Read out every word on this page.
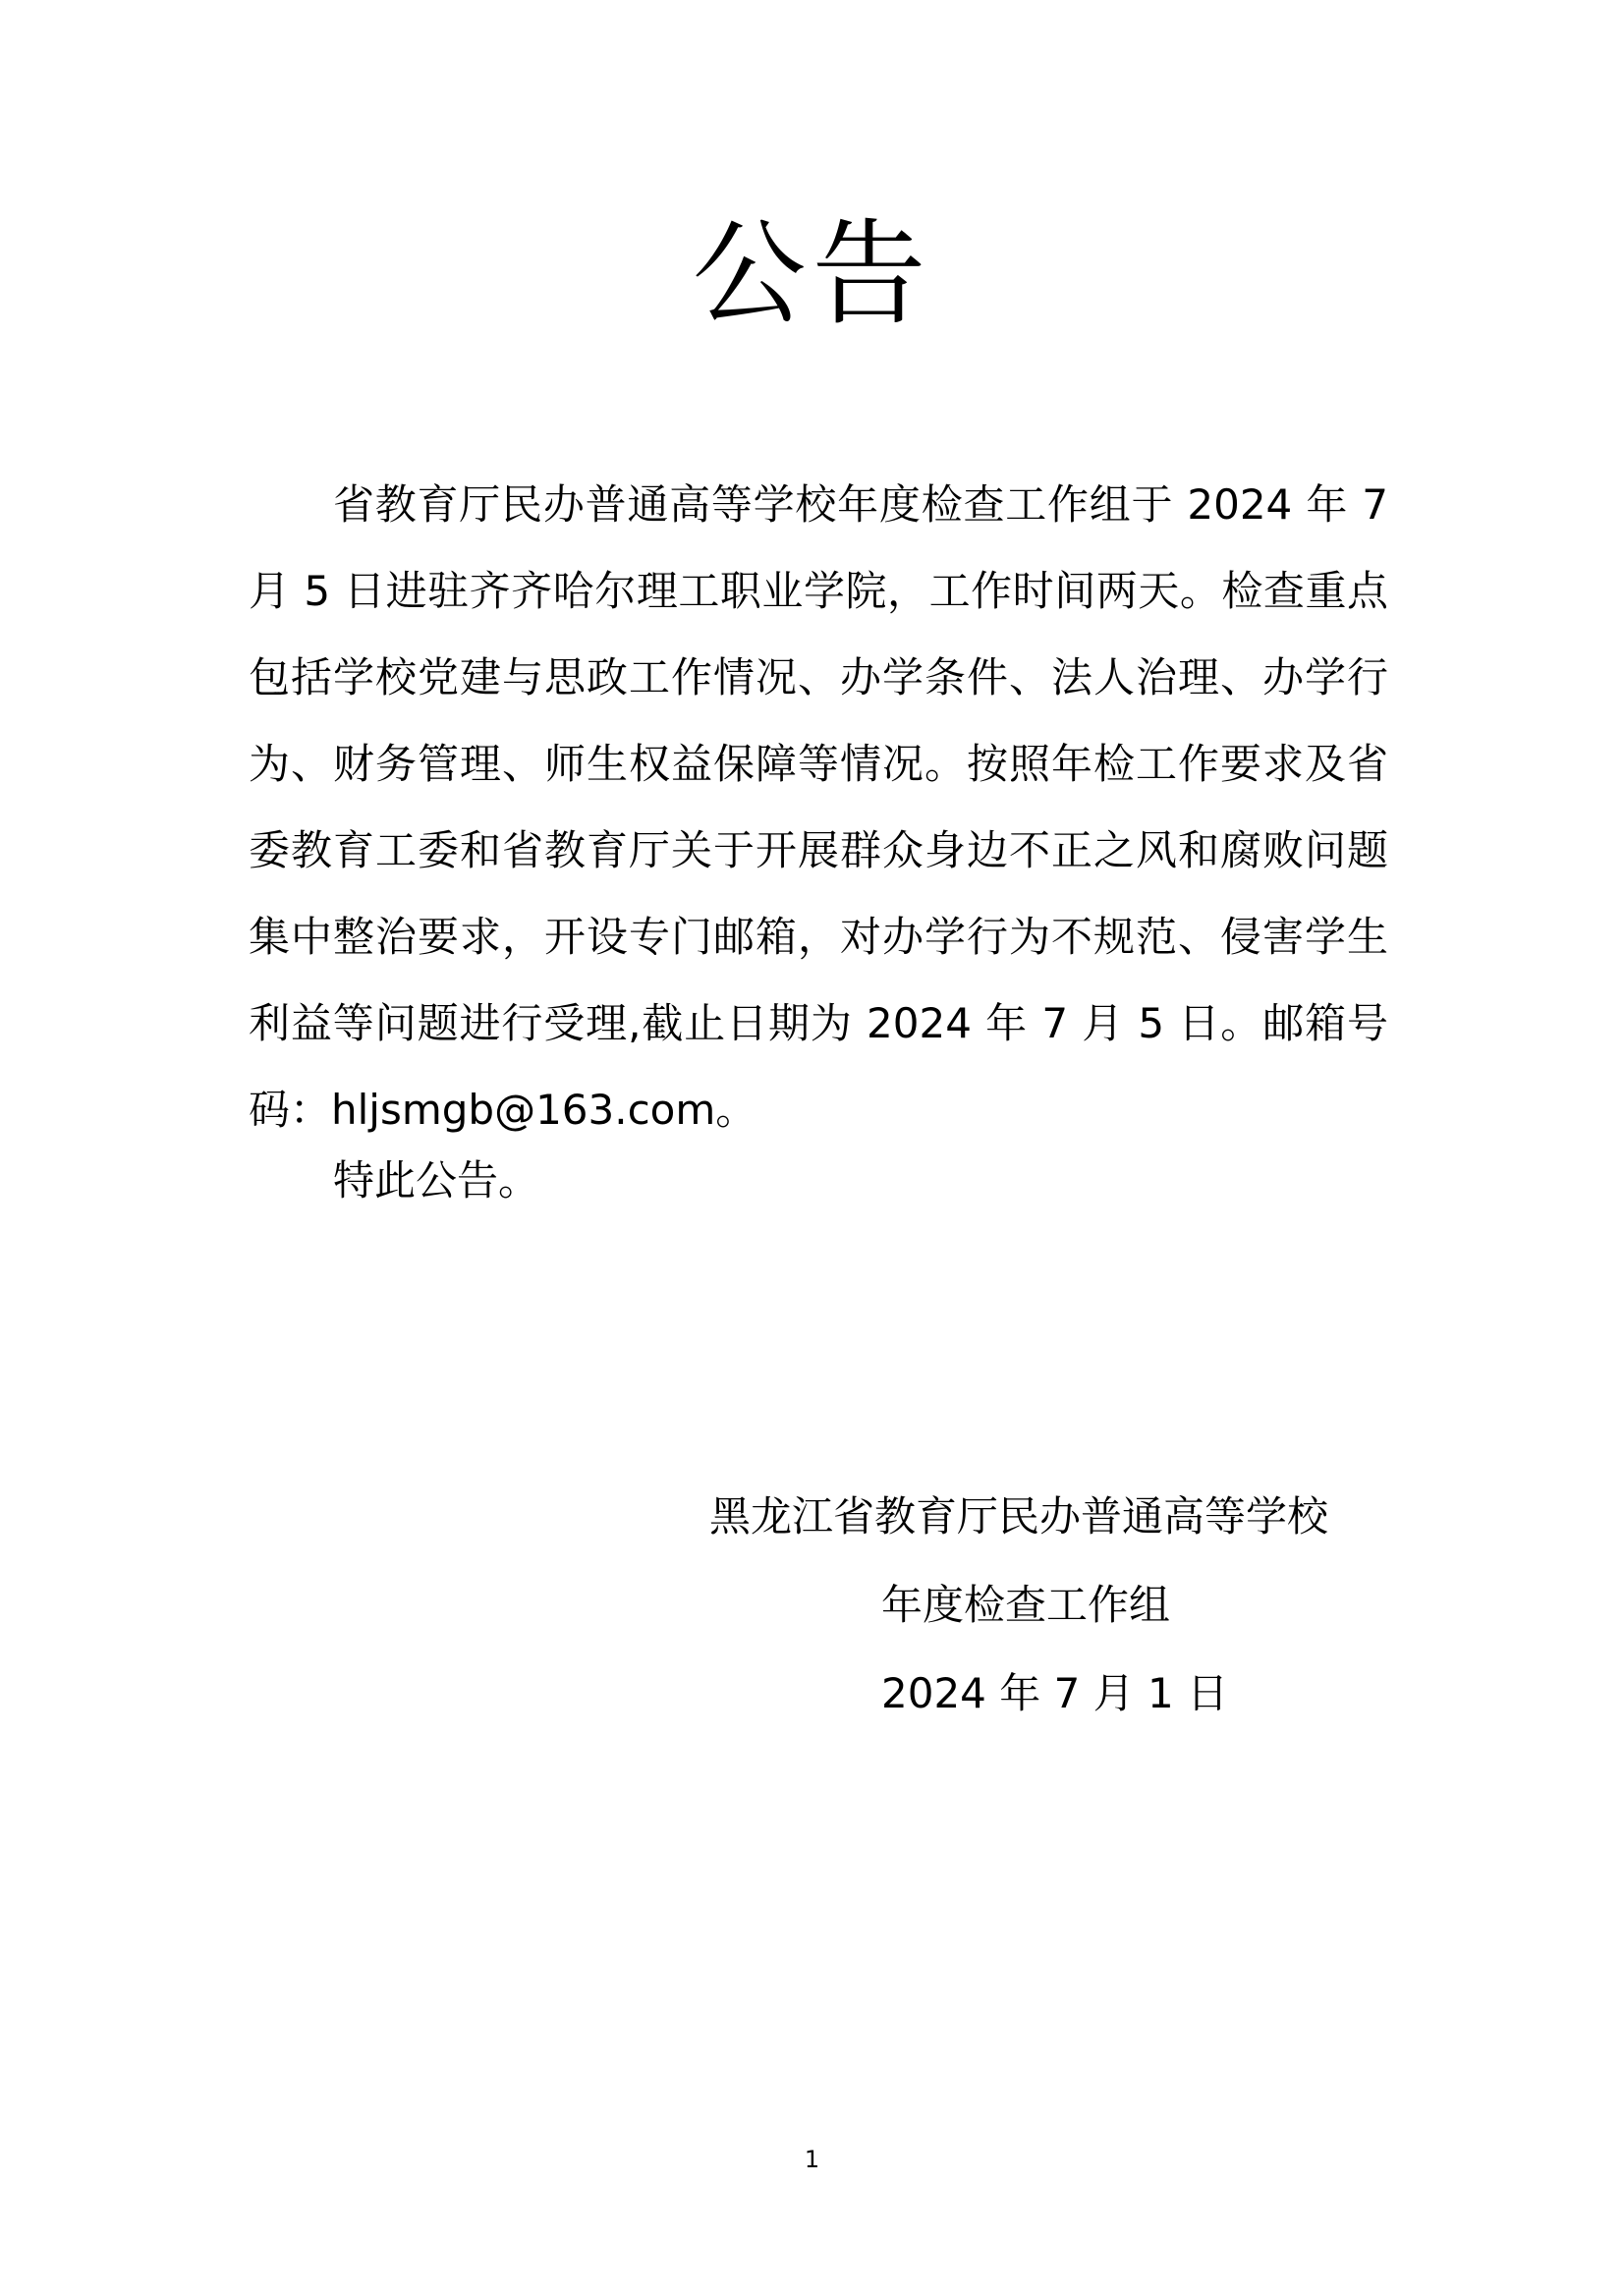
公告

省教育厅民办普通高等学校年度检查工作组于 2024 年 7 月 5 日进驻齐齐哈尔理工职业学院，工作时间两天。检查重点包括学校党建与思政工作情况、办学条件、法人治理、办学行为、财务管理、师生权益保障等情况。按照年检工作要求及省委教育工委和省教育厅关于开展群众身边不正之风和腐败问题集中整治要求，开设专门邮箱，对办学行为不规范、侵害学生利益等问题进行受理,截止日期为 2024 年 7 月 5 日。邮箱号码：hljsmgb@163.com。

特此公告。

黑龙江省教育厅民办普通高等学校

年度检查工作组

2024 年 7 月 1 日

1
